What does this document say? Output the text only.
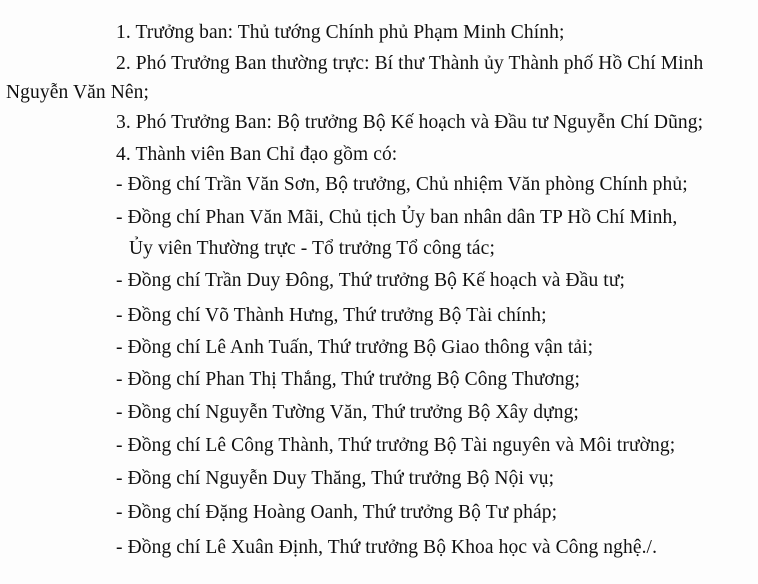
1. Trưởng ban: Thủ tướng Chính phủ Phạm Minh Chính;
2. Phó Trưởng Ban thường trực: Bí thư Thành ủy Thành phố Hồ Chí Minh
Nguyễn Văn Nên;
3. Phó Trưởng Ban: Bộ trưởng Bộ Kế hoạch và Đầu tư Nguyễn Chí Dũng;
4. Thành viên Ban Chỉ đạo gồm có:
- Đồng chí Trần Văn Sơn, Bộ trưởng, Chủ nhiệm Văn phòng Chính phủ;
- Đồng chí Phan Văn Mãi, Chủ tịch Ủy ban nhân dân TP Hồ Chí Minh,
Ủy viên Thường trực - Tổ trưởng Tổ công tác;
- Đồng chí Trần Duy Đông, Thứ trưởng Bộ Kế hoạch và Đầu tư;
- Đồng chí Võ Thành Hưng, Thứ trưởng Bộ Tài chính;
- Đồng chí Lê Anh Tuấn, Thứ trưởng Bộ Giao thông vận tải;
- Đồng chí Phan Thị Thắng, Thứ trưởng Bộ Công Thương;
- Đồng chí Nguyễn Tường Văn, Thứ trưởng Bộ Xây dựng;
- Đồng chí Lê Công Thành, Thứ trưởng Bộ Tài nguyên và Môi trường;
- Đồng chí Nguyễn Duy Thăng, Thứ trưởng Bộ Nội vụ;
- Đồng chí Đặng Hoàng Oanh, Thứ trưởng Bộ Tư pháp;
- Đồng chí Lê Xuân Định, Thứ trưởng Bộ Khoa học và Công nghệ./.
